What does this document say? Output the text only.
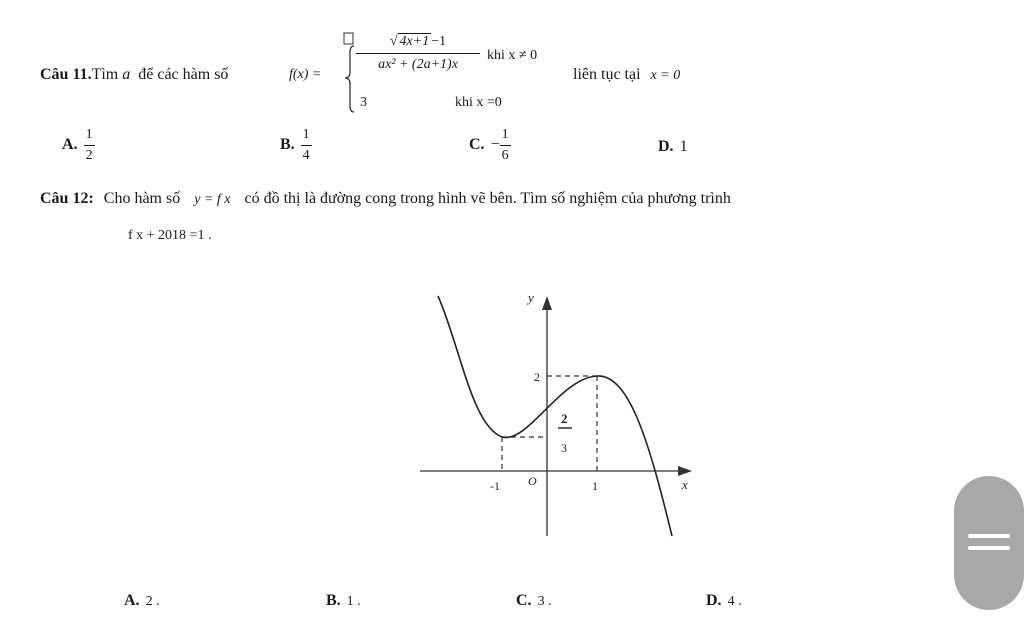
Câu 11.Tìm a để các hàm số	f(x) =
√ 4x+1 −1
ax² + (2a+1)x
khi x ≠ 0
3	khi x =0
liên tục tại x = 0
A. $\frac{1}{2}$	B. $\frac{1}{4}$	C. − $\frac{1}{6}$	D. 1
Câu 12: Cho hàm số y = f x có đồ thị là đường cong trong hình vẽ bên. Tìm số nghiệm của phương trình
f x + 2018 =1 .
y
x
O
-1	1
2
2
3
A. 2 .	B. 1 .	C. 3 .	D. 4 .
